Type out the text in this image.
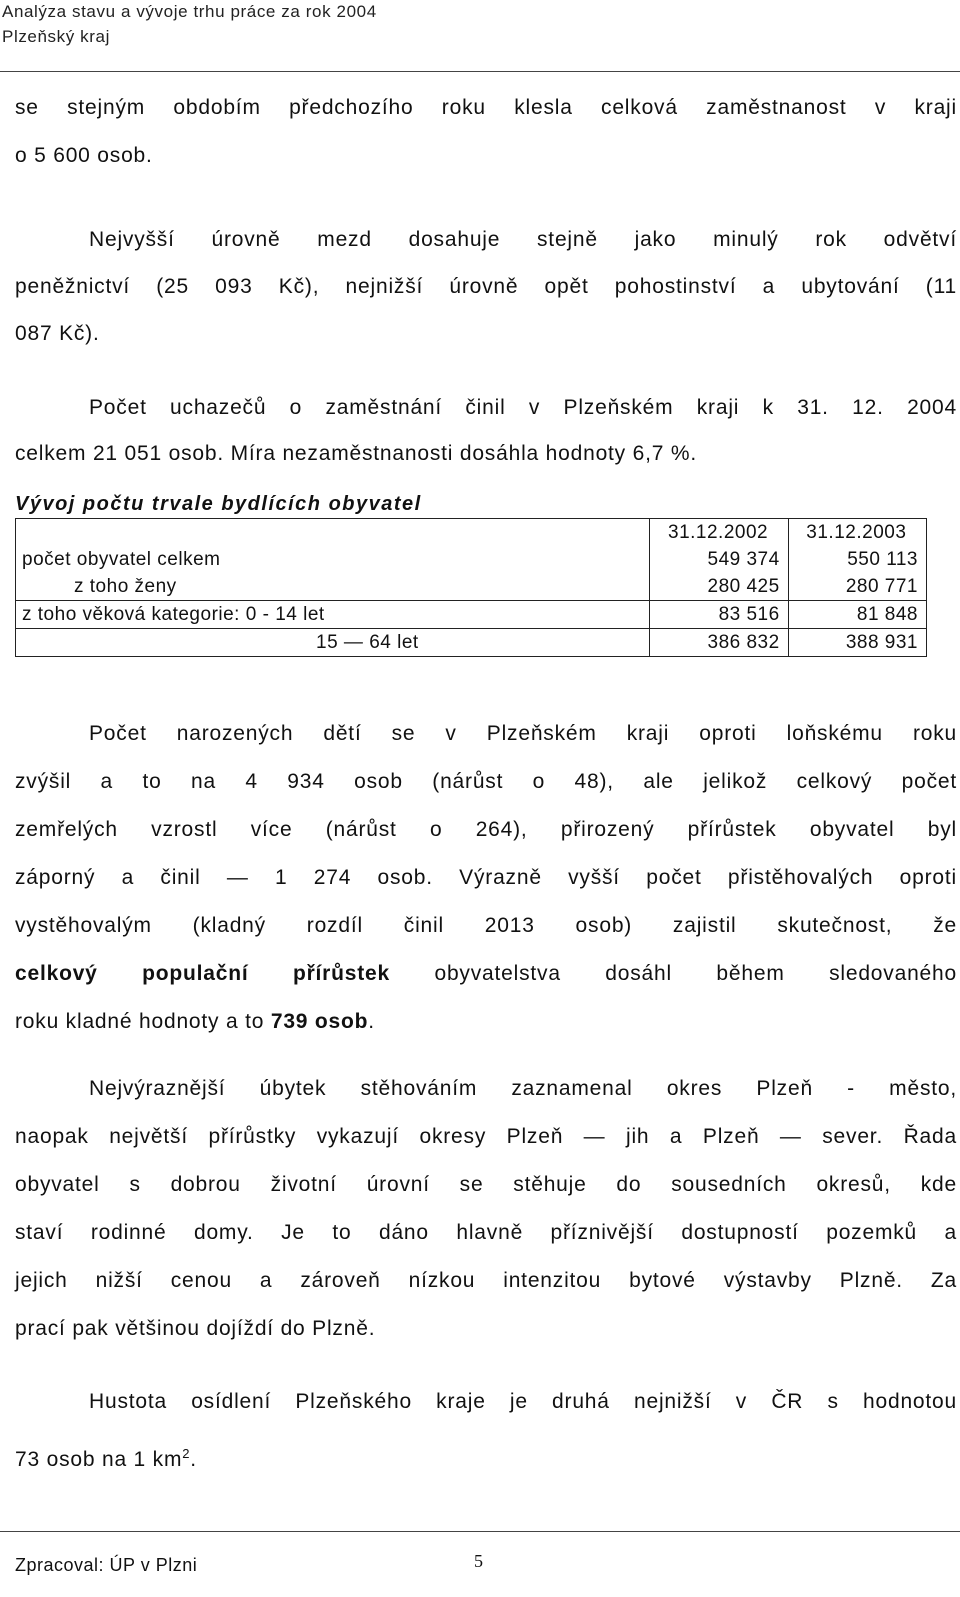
Analýza stavu a vývoje trhu práce za rok 2004
Plzeňský kraj
se stejným obdobím předchozího roku klesla celková zaměstnanost v kraji
o 5 600 osob.
Nejvyšší úrovně mezd dosahuje stejně jako minulý rok odvětví
peněžnictví (25 093 Kč), nejnižší úrovně opět pohostinství a ubytování (11
087 Kč).
Počet uchazečů o zaměstnání činil v Plzeňském kraji k 31. 12. 2004
celkem 21 051 osob. Míra nezaměstnanosti dosáhla hodnoty 6,7 %.
Vývoj počtu trvale bydlících obyvatel
	31.12.2002	31.12.2003
počet obyvatel celkem	549 374	550 113
z toho ženy	280 425	280 771
z toho věková kategorie: 0 - 14 let	83 516	81 848
15 — 64 let	386 832	388 931
Počet narozených dětí se v Plzeňském kraji oproti loňskému roku
zvýšil a to na 4 934 osob (nárůst o 48), ale jelikož celkový počet
zemřelých vzrostl více (nárůst o 264), přirozený přírůstek obyvatel byl
záporný a činil — 1 274 osob. Výrazně vyšší počet přistěhovalých oproti
vystěhovalým (kladný rozdíl činil 2013 osob) zajistil skutečnost, že
celkový populační přírůstek obyvatelstva dosáhl během sledovaného
roku kladné hodnoty a to 739 osob.
Nejvýraznější úbytek stěhováním zaznamenal okres Plzeň - město,
naopak největší přírůstky vykazují okresy Plzeň — jih a Plzeň — sever. Řada
obyvatel s dobrou životní úrovní se stěhuje do sousedních okresů, kde
staví rodinné domy. Je to dáno hlavně příznivější dostupností pozemků a
jejich nižší cenou a zároveň nízkou intenzitou bytové výstavby Plzně. Za
prací pak většinou dojíždí do Plzně.
Hustota osídlení Plzeňského kraje je druhá nejnižší v ČR s hodnotou
73 osob na 1 $km^2$.
Zpracoval: ÚP v Plzni	5
